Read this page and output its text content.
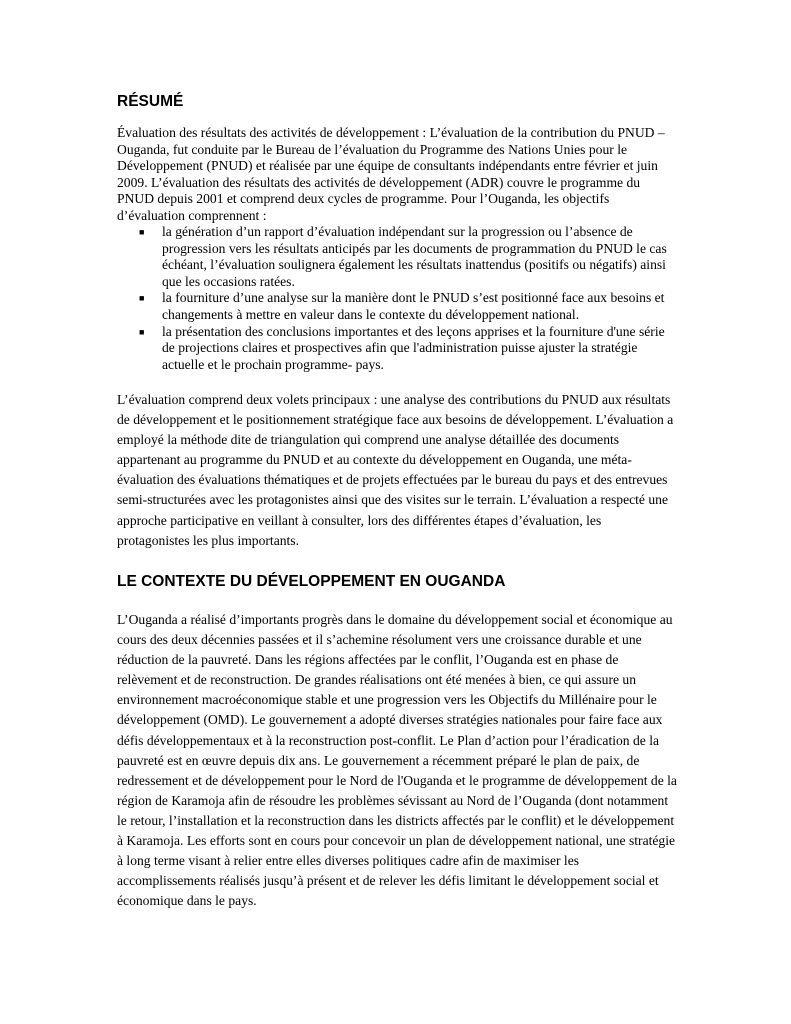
RÉSUMÉ

Évaluation des résultats des activités de développement : L’évaluation de la contribution du PNUD – Ouganda, fut conduite par le Bureau de l’évaluation du Programme des Nations Unies pour le Développement (PNUD) et réalisée par une équipe de consultants indépendants entre février et juin 2009. L’évaluation des résultats des activités de développement (ADR) couvre le programme du PNUD depuis 2001 et comprend deux cycles de programme. Pour l’Ouganda, les objectifs d’évaluation comprennent :

■ la génération d’un rapport d’évaluation indépendant sur la progression ou l’absence de progression vers les résultats anticipés par les documents de programmation du PNUD le cas échéant, l’évaluation soulignera également les résultats inattendus (positifs ou négatifs) ainsi que les occasions ratées.
■ la fourniture d’une analyse sur la manière dont le PNUD s’est positionné face aux besoins et changements à mettre en valeur dans le contexte du développement national.
■ la présentation des conclusions importantes et des leçons apprises et la fourniture d'une série de projections claires et prospectives afin que l'administration puisse ajuster la stratégie actuelle et le prochain programme- pays.

L’évaluation comprend deux volets principaux : une analyse des contributions du PNUD aux résultats de développement et le positionnement stratégique face aux besoins de développement. L’évaluation a employé la méthode dite de triangulation qui comprend une analyse détaillée des documents appartenant au programme du PNUD et au contexte du développement en Ouganda, une méta-évaluation des évaluations thématiques et de projets effectuées par le bureau du pays et des entrevues semi-structurées avec les protagonistes ainsi que des visites sur le terrain. L’évaluation a respecté une approche participative en veillant à consulter, lors des différentes étapes d’évaluation, les protagonistes les plus importants.

LE CONTEXTE DU DÉVELOPPEMENT EN OUGANDA

L’Ouganda a réalisé d’importants progrès dans le domaine du développement social et économique au cours des deux décennies passées et il s’achemine résolument vers une croissance durable et une réduction de la pauvreté. Dans les régions affectées par le conflit, l’Ouganda est en phase de relèvement et de reconstruction. De grandes réalisations ont été menées à bien, ce qui assure un environnement macroéconomique stable et une progression vers les Objectifs du Millénaire pour le développement (OMD). Le gouvernement a adopté diverses stratégies nationales pour faire face aux défis développementaux et à la reconstruction post-conflit. Le Plan d’action pour l’éradication de la pauvreté est en œuvre depuis dix ans. Le gouvernement a récemment préparé le plan de paix, de redressement et de développement pour le Nord de l'Ouganda et le programme de développement de la région de Karamoja afin de résoudre les problèmes sévissant au Nord de l’Ouganda (dont notamment le retour, l’installation et la reconstruction dans les districts affectés par le conflit) et le développement à Karamoja. Les efforts sont en cours pour concevoir un plan de développement national, une stratégie à long terme visant à relier entre elles diverses politiques cadre afin de maximiser les accomplissements réalisés jusqu’à présent et de relever les défis limitant le développement social et économique dans le pays.
